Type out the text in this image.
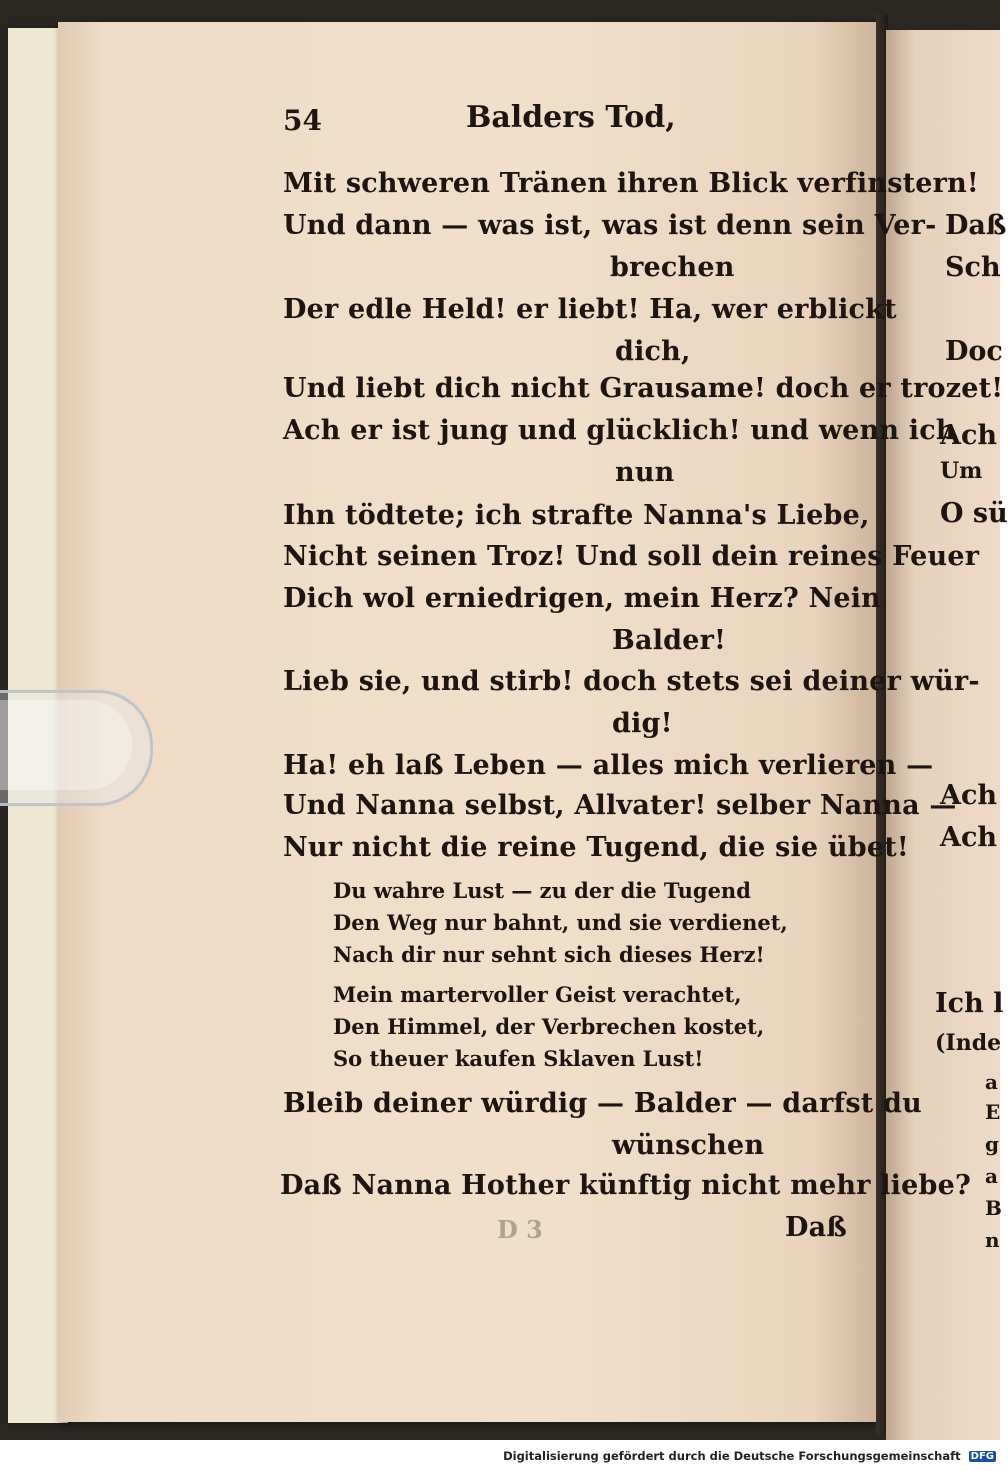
54	Balders Tod,
Mit schweren Tränen ihren Blick verfinstern!
Und dann — was ist, was ist denn sein Ver-
brechen
Der edle Held! er liebt! Ha, wer erblickt
dich,
Und liebt dich nicht Grausame! doch er trozet!
Ach er ist jung und glücklich! und wenn ich
nun
Ihn tödtete; ich strafte Nanna's Liebe,
Nicht seinen Troz! Und soll dein reines Feuer
Dich wol erniedrigen, mein Herz? Nein
Balder!
Lieb sie, und stirb! doch stets sei deiner wür-
dig!
Ha! eh laß Leben — alles mich verlieren —
Und Nanna selbst, Allvater! selber Nanna —
Nur nicht die reine Tugend, die sie übet!
Du wahre Lust — zu der die Tugend
Den Weg nur bahnt, und sie verdienet,
Nach dir nur sehnt sich dieses Herz!
Mein martervoller Geist verachtet,
Den Himmel, der Verbrechen kostet,
So theuer kaufen Sklaven Lust!
Bleib deiner würdig — Balder — darfst du
wünschen
Daß Nanna Hother künftig nicht mehr liebe?
D 3	Daß
Daß
Sch
Doc
Ach
Um
O sü
Ach
Ach
Ich l
(Inde
a
E
g
a
B
n
Digitalisierung gefördert durch die Deutsche Forschungsgemeinschaft DFG
